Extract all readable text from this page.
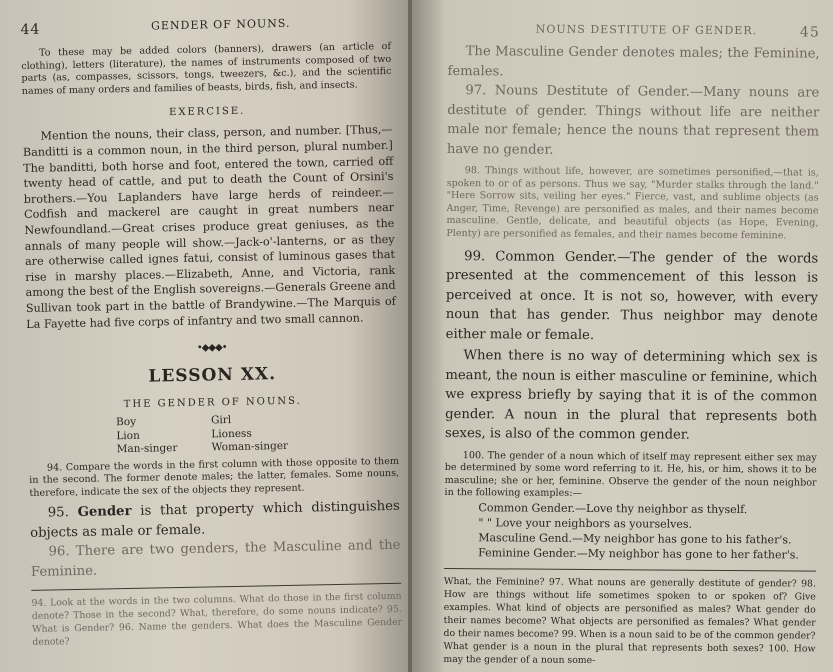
44	GENDER OF NOUNS.

To these may be added colors (banners), drawers (an article of clothing), letters (literature), the names of instruments composed of two parts (as, compasses, scissors, tongs, tweezers, &c.), and the scientific names of many orders and families of beasts, birds, fish, and insects.

EXERCISE.

Mention the nouns, their class, person, and number. [Thus,— Banditti is a common noun, in the third person, plural number.] The banditti, both horse and foot, entered the town, carried off twenty head of cattle, and put to death the Count of Orsini's brothers.—You Laplanders have large herds of reindeer.—Codfish and mackerel are caught in great numbers near Newfoundland.—Great crises produce great geniuses, as the annals of many people will show.—Jack-o'-lanterns, or as they are otherwise called ignes fatui, consist of luminous gases that rise in marshy places.—Elizabeth, Anne, and Victoria, rank among the best of the English sovereigns.—Generals Greene and Sullivan took part in the battle of Brandywine.—The Marquis of La Fayette had five corps of infantry and two small cannon.

•◆◆◆•
LESSON XX.
THE GENDER OF NOUNS.
Boy	Girl
Lion	Lioness
Man-singer	Woman-singer

94. Compare the words in the first column with those opposite to them in the second. The former denote males; the latter, females. Some nouns, therefore, indicate the sex of the objects they represent.

95. Gender is that property which distinguishes objects as male or female.

96. There are two genders, the Masculine and the Feminine.

94. Look at the words in the two columns. What do those in the first column denote? Those in the second? What, therefore, do some nouns indicate? 95. What is Gender? 96. Name the genders. What does the Masculine Gender denote?

NOUNS DESTITUTE OF GENDER.	45

The Masculine Gender denotes males; the Feminine, females.

97. Nouns Destitute of Gender.—Many nouns are destitute of gender. Things without life are neither male nor female; hence the nouns that represent them have no gender.

98. Things without life, however, are sometimes personified,—that is, spoken to or of as persons. Thus we say, "Murder stalks through the land." "Here Sorrow sits, veiling her eyes." Fierce, vast, and sublime objects (as Anger, Time, Revenge) are personified as males, and their names become masculine. Gentle, delicate, and beautiful objects (as Hope, Evening, Plenty) are personified as females, and their names become feminine.

99. Common Gender.—The gender of the words presented at the commencement of this lesson is perceived at once. It is not so, however, with every noun that has gender. Thus neighbor may denote either male or female.

When there is no way of determining which sex is meant, the noun is either masculine or feminine, which we express briefly by saying that it is of the common gender. A noun in the plural that represents both sexes, is also of the common gender.

100. The gender of a noun which of itself may represent either sex may be determined by some word referring to it. He, his, or him, shows it to be masculine; she or her, feminine. Observe the gender of the noun neighbor in the following examples:—

Common Gender.—Love thy neighbor as thyself.
" " Love your neighbors as yourselves.
Masculine Gend.—My neighbor has gone to his father's.
Feminine Gender.—My neighbor has gone to her father's.

What, the Feminine? 97. What nouns are generally destitute of gender? 98. How are things without life sometimes spoken to or spoken of? Give examples. What kind of objects are personified as males? What gender do their names become? What objects are personified as females? What gender do their names become? 99. When is a noun said to be of the common gender? What gender is a noun in the plural that represents both sexes? 100. How may the gender of a noun some-
